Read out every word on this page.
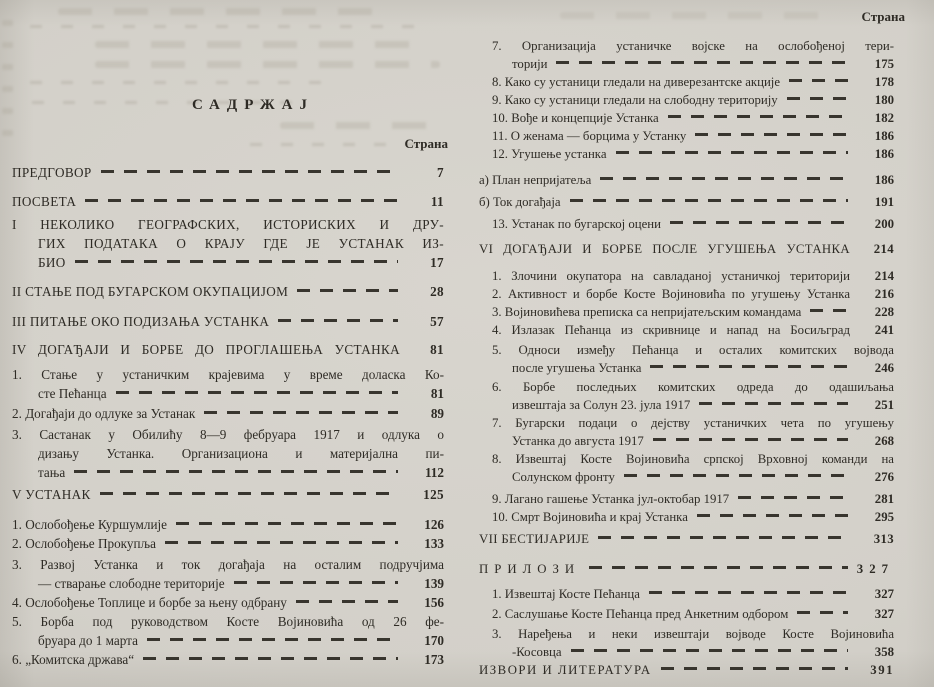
САДРЖАЈ
Страна
ПРЕДГОВОР	7
ПОСВЕТА	11
I НЕКОЛИКО ГЕОГРАФСКИХ, ИСТОРИСКИХ И ДРУ-
ГИХ ПОДАТАКА О КРАЈУ ГДЕ ЈЕ УСТАНАК ИЗ-
БИО	17
II СТАЊЕ ПОД БУГАРСКОМ ОКУПАЦИЈОМ	28
III ПИТАЊЕ ОКО ПОДИЗАЊА УСТАНКА	57
IV ДОГАЂАЈИ И БОРБЕ ДО ПРОГЛАШЕЊА УСТАНКА	81
1. Стање у устаничким крајевима у време доласка Ко-
сте Пећанца	81
2. Догађаји до одлуке за Устанак	89
3. Састанак у Обилићу 8—9 фебруара 1917 и одлука о
дизању Устанка. Организациона и материјална пи-
тања	112
V УСТАНАК	125
1. Ослобођење Куршумлије	126
2. Ослобођење Прокупља	133
3. Развој Устанка и ток догађаја на осталим подручјима
— стварање слободне територије	139
4. Ослобођење Топлице и борбе за њену одбрану	156
5. Борба под руководством Косте Војиновића од 26 фе-
бруара до 1 марта	170
6. „Комитска држава“	173
Страна
7. Организација устаничке војске на ослобођеној тери-
торији	175
8. Како су устаници гледали на диверезантске акције	178
9. Како су устаници гледали на слободну територију	180
10. Вође и концепције Устанка	182
11. О женама — борцима у Устанку	186
12. Угушење устанка	186
а) План непријатеља	186
б) Ток догађаја	191
13. Устанак по бугарској оцени	200
VI ДОГАЂАЈИ И БОРБЕ ПОСЛЕ УГУШЕЊА УСТАНКА	214
1. Злочини окупатора на савладаној устаничкој територији	214
2. Активност и борбе Косте Војиновића по угушењу Устанка	216
3. Војиновићева преписка са непријатељским командама	228
4. Излазак Пећанца из скривнице и напад на Босиљград	241
5. Односи између Пећанца и осталих комитских војвода
после угушења Устанка	246
6. Борбе последњих комитских одреда до одашиљања
извештаја за Солун 23. јула 1917	251
7. Бугарски подаци о дејству устаничких чета по угушењу
Устанка до августа 1917	268
8. Извештај Косте Војиновића српској Врховној команди на
Солунском фронту	276
9. Лагано гашење Устанка јул-октобар 1917	281
10. Смрт Војиновића и крај Устанка	295
VII БЕСТИЈАРИЈЕ	313
ПРИЛОЗИ	327
1. Извештај Косте Пећанца	327
2. Саслушање Косте Пећанца пред Анкетним одбором	327
3. Наређења и неки извештаји војводе Косте Војиновића
-Косовца	358
ИЗВОРИ И ЛИТЕРАТУРА	391
